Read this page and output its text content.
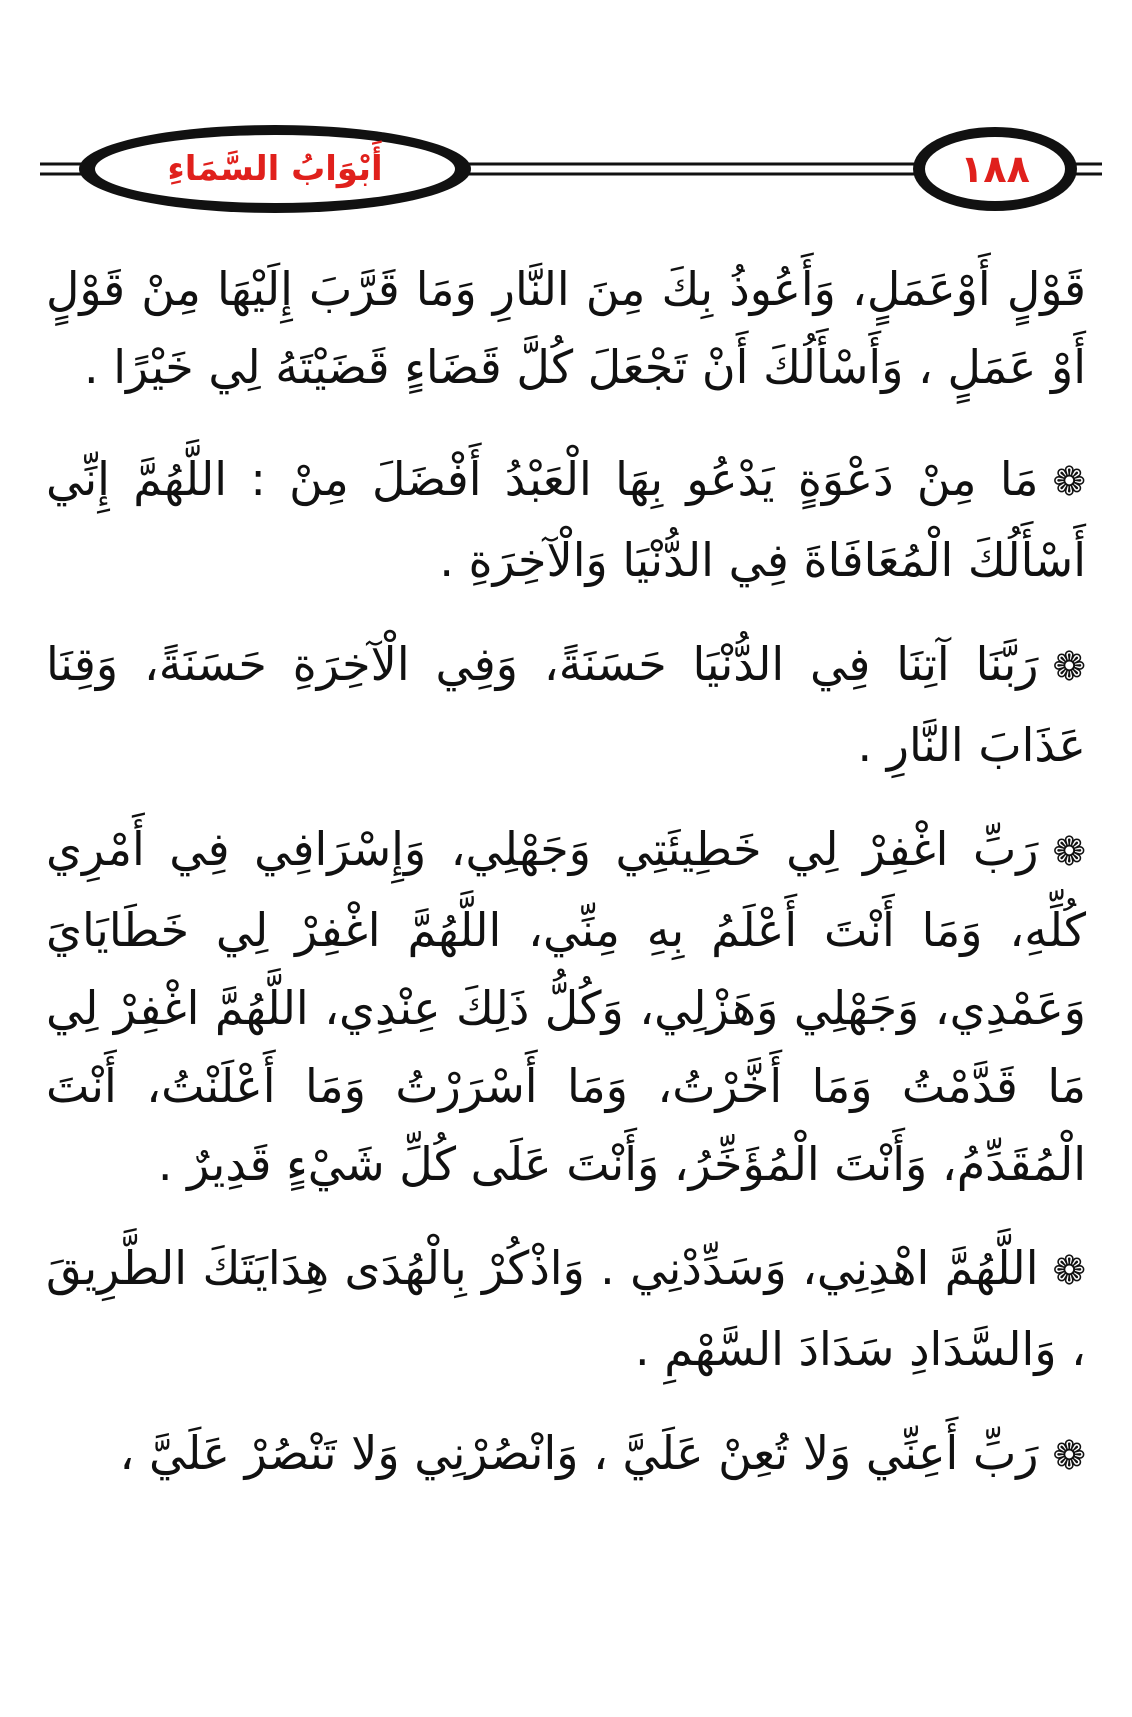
أَبْوَابُ السَّمَاءِ	١٨٨

قَوْلٍ أَوْعَمَلٍ، وَأَعُوذُ بِكَ مِنَ النَّارِ وَمَا قَرَّبَ إِلَيْهَا مِنْ قَوْلٍ أَوْ عَمَلٍ ، وَأَسْأَلُكَ أَنْ تَجْعَلَ كُلَّ قَضَاءٍ قَضَيْتَهُ لِي خَيْرًا .

❁مَا مِنْ دَعْوَةٍ يَدْعُو بِهَا الْعَبْدُ أَفْضَلَ مِنْ : اللَّهُمَّ إِنِّي أَسْأَلُكَ الْمُعَافَاةَ فِي الدُّنْيَا وَالْآخِرَةِ .

❁رَبَّنَا آتِنَا فِي الدُّنْيَا حَسَنَةً، وَفِي الْآخِرَةِ حَسَنَةً، وَقِنَا عَذَابَ النَّارِ .

❁رَبِّ اغْفِرْ لِي خَطِيئَتِي وَجَهْلِي، وَإِسْرَافِي فِي أَمْرِي كُلِّهِ، وَمَا أَنْتَ أَعْلَمُ بِهِ مِنِّي، اللَّهُمَّ اغْفِرْ لِي خَطَايَايَ وَعَمْدِي، وَجَهْلِي وَهَزْلِي، وَكُلُّ ذَلِكَ عِنْدِي، اللَّهُمَّ اغْفِرْ لِي مَا قَدَّمْتُ وَمَا أَخَّرْتُ، وَمَا أَسْرَرْتُ وَمَا أَعْلَنْتُ، أَنْتَ الْمُقَدِّمُ، وَأَنْتَ الْمُؤَخِّرُ، وَأَنْتَ عَلَى كُلِّ شَيْءٍ قَدِيرٌ .

❁اللَّهُمَّ اهْدِنِي، وَسَدِّدْنِي . وَاذْكُرْ بِالْهُدَى هِدَايَتَكَ الطَّرِيقَ ، وَالسَّدَادِ سَدَادَ السَّهْمِ .

❁رَبِّ أَعِنِّي وَلا تُعِنْ عَلَيَّ ، وَانْصُرْنِي وَلا تَنْصُرْ عَلَيَّ ،
